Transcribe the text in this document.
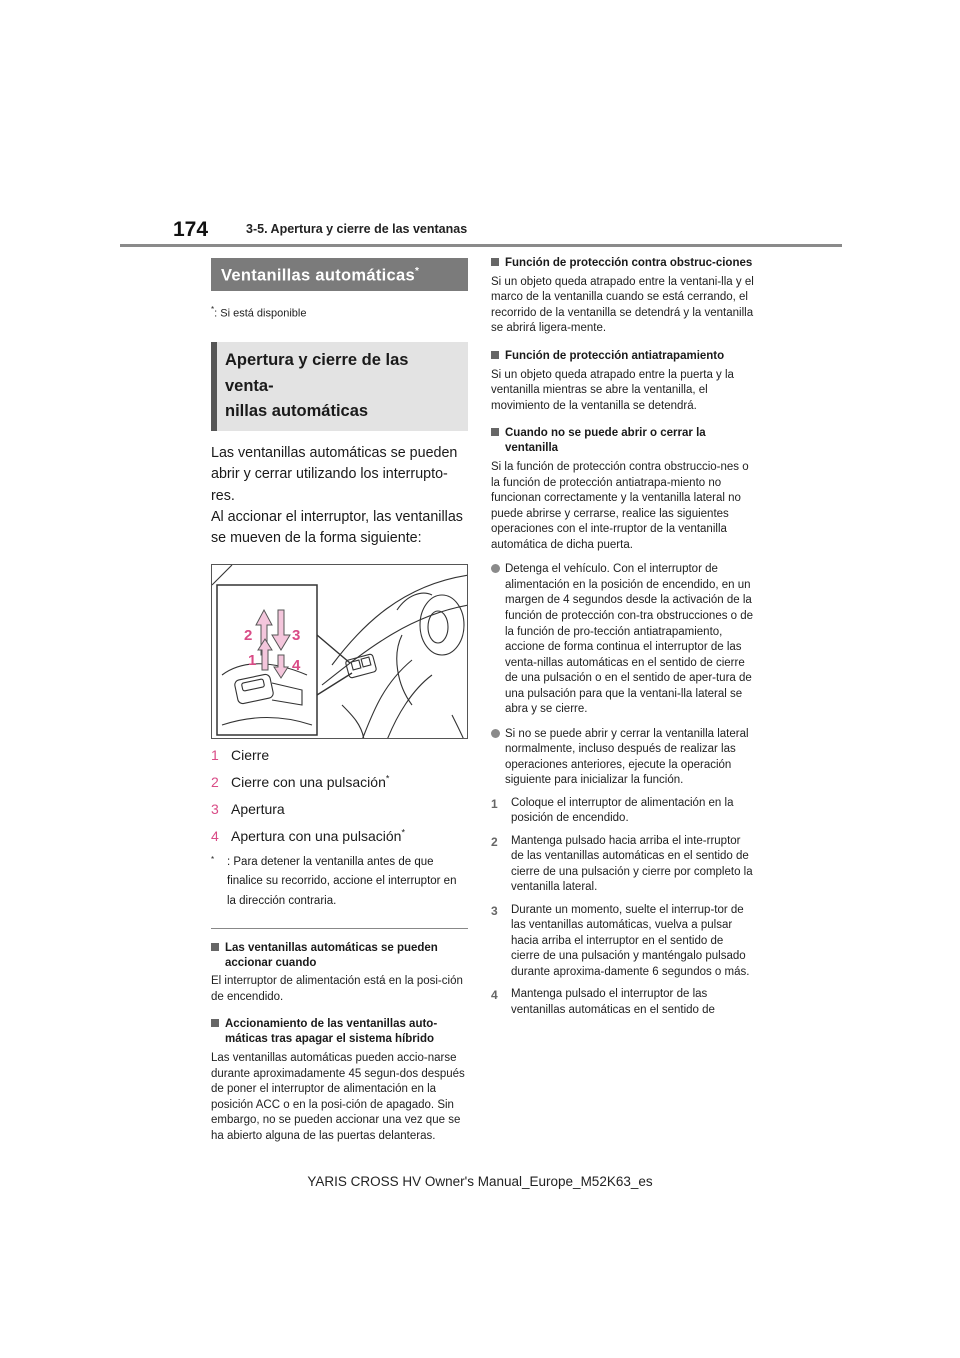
174	3-5. Apertura y cierre de las ventanas
Ventanillas automáticas*
*: Si está disponible
Apertura y cierre de las venta-
nillas automáticas
Las ventanillas automáticas se pueden abrir y cerrar utilizando los interrupto-res.
Al accionar el interruptor, las ventanillas se mueven de la forma siguiente:
2	3
1 4
1 Cierre
2 Cierre con una pulsación*
3 Apertura
4 Apertura con una pulsación*
*	: Para detener la ventanilla antes de que finalice su recorrido, accione el interruptor en la dirección contraria.
Las ventanillas automáticas se pueden accionar cuando
El interruptor de alimentación está en la posi-ción de encendido.
Accionamiento de las ventanillas auto-máticas tras apagar el sistema híbrido
Las ventanillas automáticas pueden accio-narse durante aproximadamente 45 segun-dos después de poner el interruptor de alimentación en la posición ACC o en la posi-ción de apagado. Sin embargo, no se pueden accionar una vez que se ha abierto alguna de las puertas delanteras.
Función de protección contra obstruc-ciones
Si un objeto queda atrapado entre la ventani-lla y el marco de la ventanilla cuando se está cerrando, el recorrido de la ventanilla se detendrá y la ventanilla se abrirá ligera-mente.
Función de protección antiatrapamiento
Si un objeto queda atrapado entre la puerta y la ventanilla mientras se abre la ventanilla, el movimiento de la ventanilla se detendrá.
Cuando no se puede abrir o cerrar la ventanilla
Si la función de protección contra obstruccio-nes o la función de protección antiatrapa-miento no funcionan correctamente y la ventanilla lateral no puede abrirse y cerrarse, realice las siguientes operaciones con el inte-rruptor de la ventanilla automática de dicha puerta.
Detenga el vehículo. Con el interruptor de alimentación en la posición de encendido, en un margen de 4 segundos desde la activación de la función de protección con-tra obstrucciones o de la función de pro-tección antiatrapamiento, accione de forma continua el interruptor de las venta-nillas automáticas en el sentido de cierre de una pulsación o en el sentido de aper-tura de una pulsación para que la ventani-lla lateral se abra y se cierre.
Si no se puede abrir y cerrar la ventanilla lateral normalmente, incluso después de realizar las operaciones anteriores, ejecute la operación siguiente para inicializar la función.
1	Coloque el interruptor de alimentación en la posición de encendido.
2	Mantenga pulsado hacia arriba el inte-rruptor de las ventanillas automáticas en el sentido de cierre de una pulsación y cierre por completo la ventanilla lateral.
3	Durante un momento, suelte el interrup-tor de las ventanillas automáticas, vuelva a pulsar hacia arriba el interruptor en el sentido de cierre de una pulsación y manténgalo pulsado durante aproxima-damente 6 segundos o más.
4	Mantenga pulsado el interruptor de las ventanillas automáticas en el sentido de
YARIS CROSS HV Owner's Manual_Europe_M52K63_es
